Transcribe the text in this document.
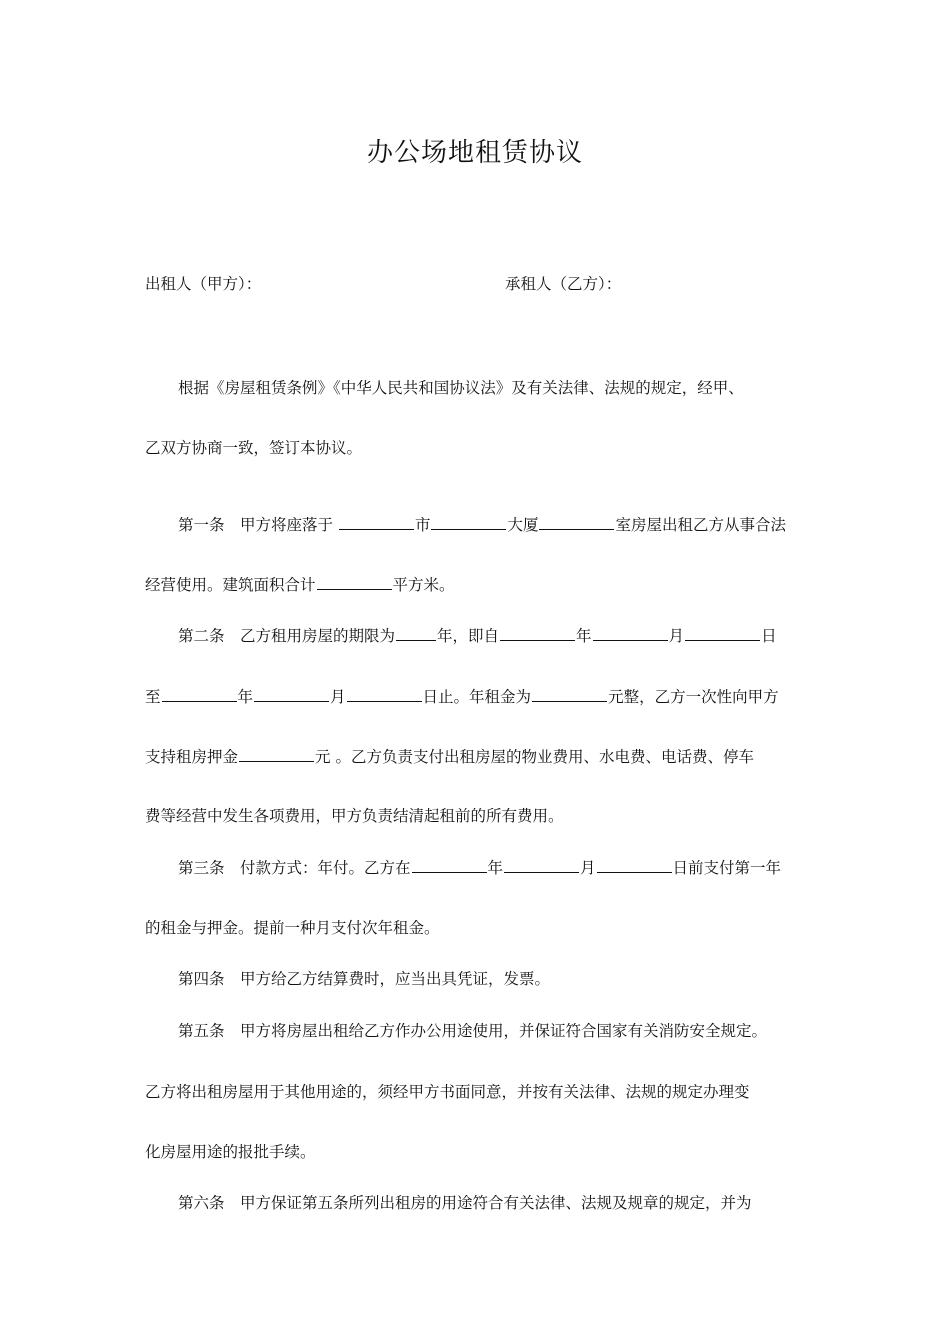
办公场地租赁协议
出租人（甲方）：	承租人（乙方）：
根据《房屋租赁条例》《中华人民共和国协议法》及有关法律、法规的规定，经甲、
乙双方协商一致，签订本协议。
第一条　甲方将座落于	市	大厦	室房屋出租乙方从事合法
经营使用。建筑面积合计	平方米。
第二条　乙方租用房屋的期限为	年，即自	年	月	日
至	年	月	日止。年租金为	元整，乙方一次性向甲方
支持租房押金	元 。乙方负责支付出租房屋的物业费用、水电费、电话费、停车
费等经营中发生各项费用，甲方负责结清起租前的所有费用。
第三条　付款方式：年付。乙方在	年	月	日前支付第一年
的租金与押金。提前一种月支付次年租金。
第四条　甲方给乙方结算费时，应当出具凭证，发票。
第五条　甲方将房屋出租给乙方作办公用途使用，并保证符合国家有关消防安全规定。
乙方将出租房屋用于其他用途的，须经甲方书面同意，并按有关法律、法规的规定办理变
化房屋用途的报批手续。
第六条　甲方保证第五条所列出租房的用途符合有关法律、法规及规章的规定，并为
